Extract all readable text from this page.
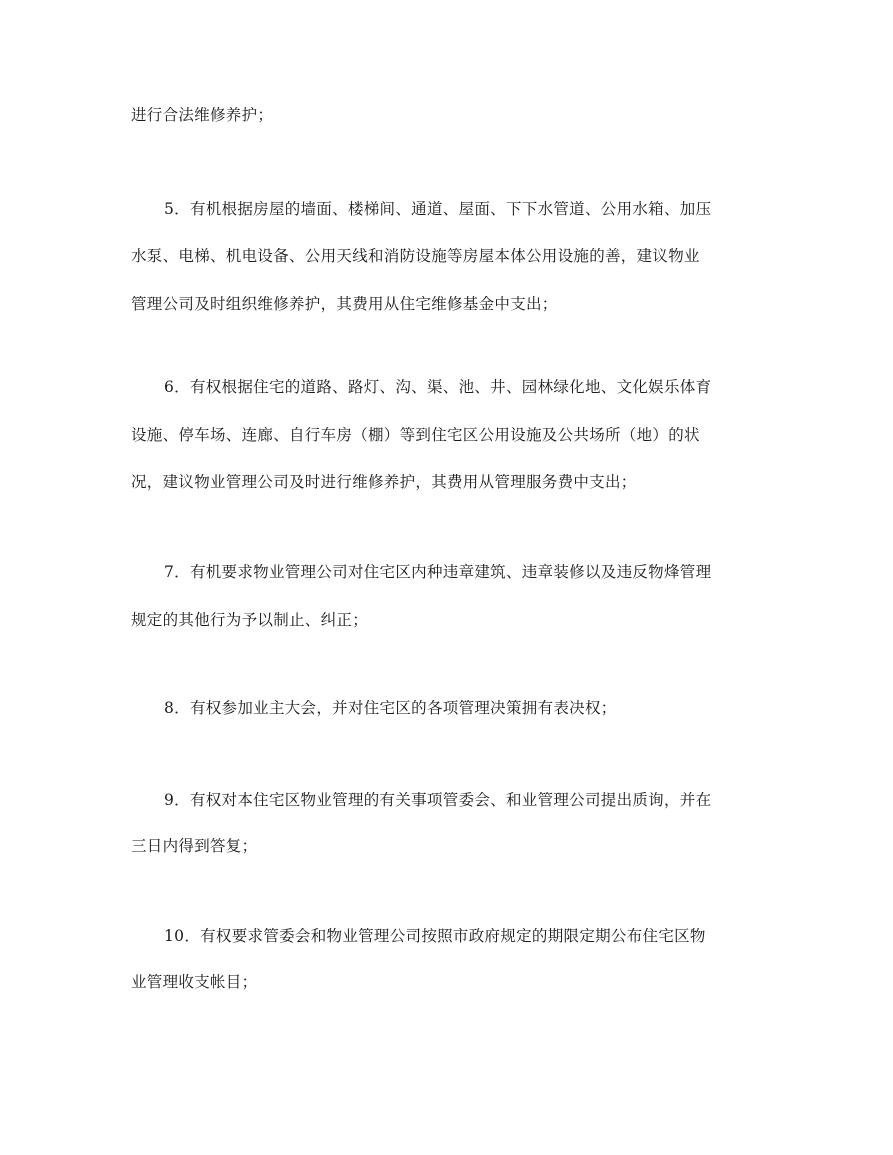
进行合法维修养护；
5．有机根据房屋的墙面、楼梯间、通道、屋面、下下水管道、公用水箱、加压
水泵、电梯、机电设备、公用天线和消防设施等房屋本体公用设施的善，建议物业
管理公司及时组织维修养护，其费用从住宅维修基金中支出；
6．有权根据住宅的道路、路灯、沟、渠、池、井、园林绿化地、文化娱乐体育
设施、停车场、连廊、自行车房（棚）等到住宅区公用设施及公共场所（地）的状
况，建议物业管理公司及时进行维修养护，其费用从管理服务费中支出；
7．有机要求物业管理公司对住宅区内种违章建筑、违章装修以及违反物烽管理
规定的其他行为予以制止、纠正；
8．有权参加业主大会，并对住宅区的各项管理决策拥有表决权；
9．有权对本住宅区物业管理的有关事项管委会、和业管理公司提出质询，并在
三日内得到答复；
10．有权要求管委会和物业管理公司按照市政府规定的期限定期公布住宅区物
业管理收支帐目；
